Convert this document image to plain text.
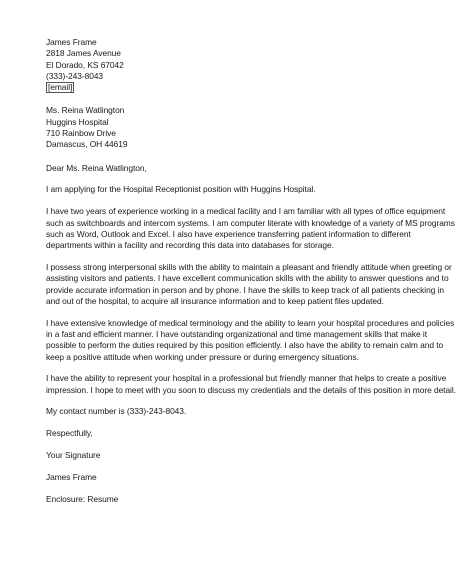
James Frame
2818 James Avenue
El Dorado, KS 67042
(333)-243-8043
[email]
Ms. Reina Watlington
Huggins Hospital
710 Rainbow Drive
Damascus, OH 44619
Dear Ms. Reina Watlington,
I am applying for the Hospital Receptionist position with Huggins Hospital.
I have two years of experience working in a medical facility and I am familiar with all types of office equipment
such as switchboards and intercom systems. I am computer literate with knowledge of a variety of MS programs
such as Word, Outlook and Excel. I also have experience transferring patient information to different
departments within a facility and recording this data into databases for storage.
I possess strong interpersonal skills with the ability to maintain a pleasant and friendly attitude when greeting or
assisting visitors and patients. I have excellent communication skills with the ability to answer questions and to
provide accurate information in person and by phone. I have the skills to keep track of all patients checking in
and out of the hospital, to acquire all insurance information and to keep patient files updated.
I have extensive knowledge of medical terminology and the ability to learn your hospital procedures and policies
in a fast and efficient manner. I have outstanding organizational and time management skills that make it
possible to perform the duties required by this position efficiently. I also have the ability to remain calm and to
keep a positive attitude when working under pressure or during emergency situations.
I have the ability to represent your hospital in a professional but friendly manner that helps to create a positive
impression. I hope to meet with you soon to discuss my credentials and the details of this position in more detail.
My contact number is (333)-243-8043.
Respectfully,
Your Signature
James Frame
Enclosure: Resume
